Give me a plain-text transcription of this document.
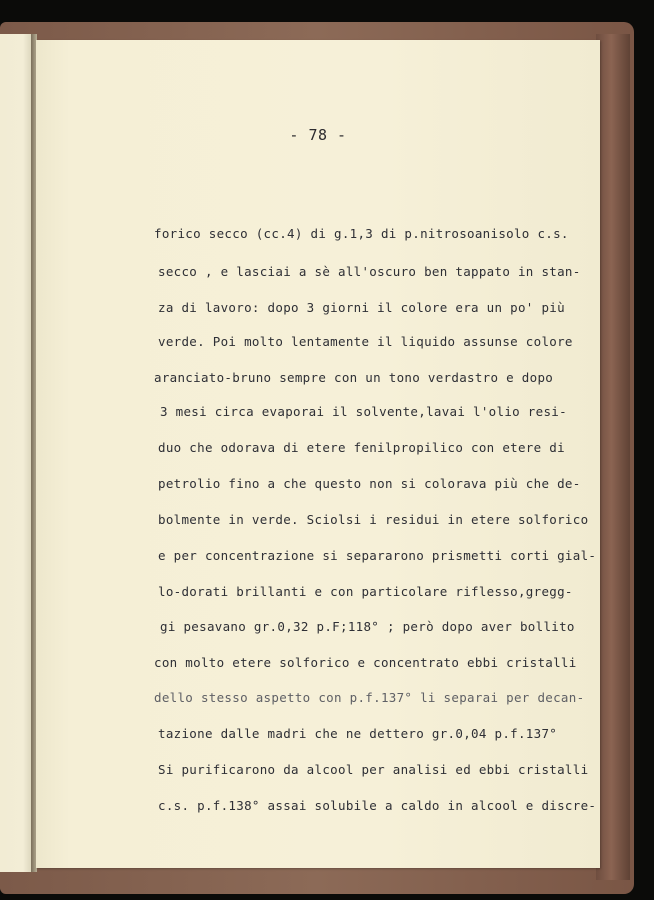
- 78 -
forico secco (cc.4) di g.1,3 di p.nitrosoanisolo c.s.
secco , e lasciai a sè all'oscuro ben tappato in stan-
za di lavoro: dopo 3 giorni il colore era un po' più
verde. Poi molto lentamente il liquido assunse colore
aranciato-bruno sempre con un tono verdastro e dopo
3 mesi circa evaporai il solvente,lavai l'olio resi-
duo che odorava di etere fenilpropilico con etere di
petrolio fino a che questo non si colorava più che de-
bolmente in verde. Sciolsi i residui in etere solforico
e per concentrazione si separarono prismetti corti gial-
lo-dorati brillanti e con particolare riflesso,gregg-
gi pesavano gr.0,32 p.F;118° ; però dopo aver bollito
con molto etere solforico e concentrato ebbi cristalli
dello stesso aspetto con p.f.137° li separai per decan-
tazione dalle madri che ne dettero gr.0,04 p.f.137°
Si purificarono da alcool per analisi ed ebbi cristalli
c.s. p.f.138° assai solubile a caldo in alcool e discre-
